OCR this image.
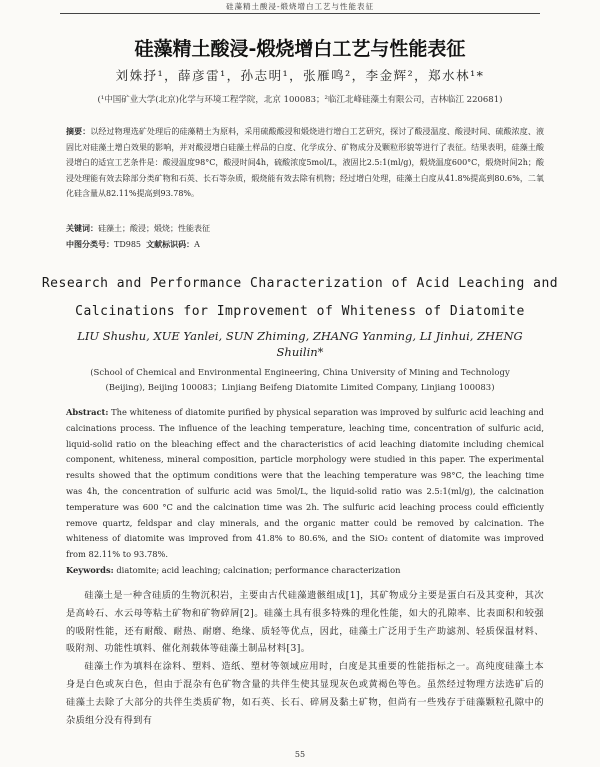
硅藻精土酸浸-煅烧增白工艺与性能表征
硅藻精土酸浸-煅烧增白工艺与性能表征
刘姝抒¹，薛彦雷¹，孙志明¹，张雁鸣²，李金辉²，郑水林¹*
(¹中国矿业大学(北京)化学与环境工程学院，北京 100083；²临江北峰硅藻土有限公司，吉林临江 220681)
摘要：以经过物理选矿处理后的硅藻精土为原料，采用硫酸酸浸和煅烧进行增白工艺研究，探讨了酸浸温度、酸浸时间、硫酸浓度、液固比对硅藻土增白效果的影响，并对酸浸增白硅藻土样品的白度、化学成分、矿物成分及颗粒形貌等进行了表征。结果表明，硅藻土酸浸增白的适宜工艺条件是：酸浸温度98°C，酸浸时间4h，硫酸浓度5mol/L，液固比2.5:1(ml/g)，煅烧温度600°C，煅烧时间2h；酸浸处理能有效去除部分类矿物和石英、长石等杂质，煅烧能有效去除有机物；经过增白处理，硅藻土白度从41.8%提高到80.6%，二氧化硅含量从82.11%提高到93.78%。
关键词：硅藻土；酸浸；煅烧；性能表征
中图分类号：TD985 文献标识码：A
Research and Performance Characterization of Acid Leaching and Calcinations for Improvement of Whiteness of Diatomite
LIU Shushu, XUE Yanlei, SUN Zhiming, ZHANG Yanming, LI Jinhui, ZHENG Shuilin*
(School of Chemical and Environmental Engineering, China University of Mining and Technology (Beijing), Beijing 100083；Linjiang Beifeng Diatomite Limited Company, Linjiang 100083)
Abstract: The whiteness of diatomite purified by physical separation was improved by sulfuric acid leaching and calcinations process. The influence of the leaching temperature, leaching time, concentration of sulfuric acid, liquid-solid ratio on the bleaching effect and the characteristics of acid leaching diatomite including chemical component, whiteness, mineral composition, particle morphology were studied in this paper. The experimental results showed that the optimum conditions were that the leaching temperature was 98°C, the leaching time was 4h, the concentration of sulfuric acid was 5mol/L, the liquid-solid ratio was 2.5:1(ml/g), the calcination temperature was 600 °C and the calcination time was 2h. The sulfuric acid leaching process could efficiently remove quartz, feldspar and clay minerals, and the organic matter could be removed by calcination. The whiteness of diatomite was improved from 41.8% to 80.6%, and the SiO₂ content of diatomite was improved from 82.11% to 93.78%.
Keywords: diatomite; acid leaching; calcination; performance characterization

硅藻土是一种含硅质的生物沉积岩，主要由古代硅藻遗骸组成[1]，其矿物成分主要是蛋白石及其变种，其次是高岭石、水云母等粘土矿物和矿物碎屑[2]。硅藻土具有很多特殊的理化性能，如大的孔隙率、比表面积和较强的吸附性能，还有耐酸、耐热、耐磨、绝缘、质轻等优点，因此，硅藻土广泛用于生产助滤剂、轻质保温材料、吸附剂、功能性填料、催化剂载体等硅藻土制品材料[3]。

硅藻土作为填料在涂料、塑料、造纸、塑材等领域应用时，白度是其重要的性能指标之一。高纯度硅藻土本身是白色或灰白色，但由于混杂有色矿物含量的共伴生使其显现灰色或黄褐色等色。虽然经过物理方法选矿后的硅藻土去除了大部分的共伴生类质矿物，如石英、长石、碎屑及黏土矿物，但尚有一些残存于硅藻颗粒孔隙中的杂质组分没有得到有

55
